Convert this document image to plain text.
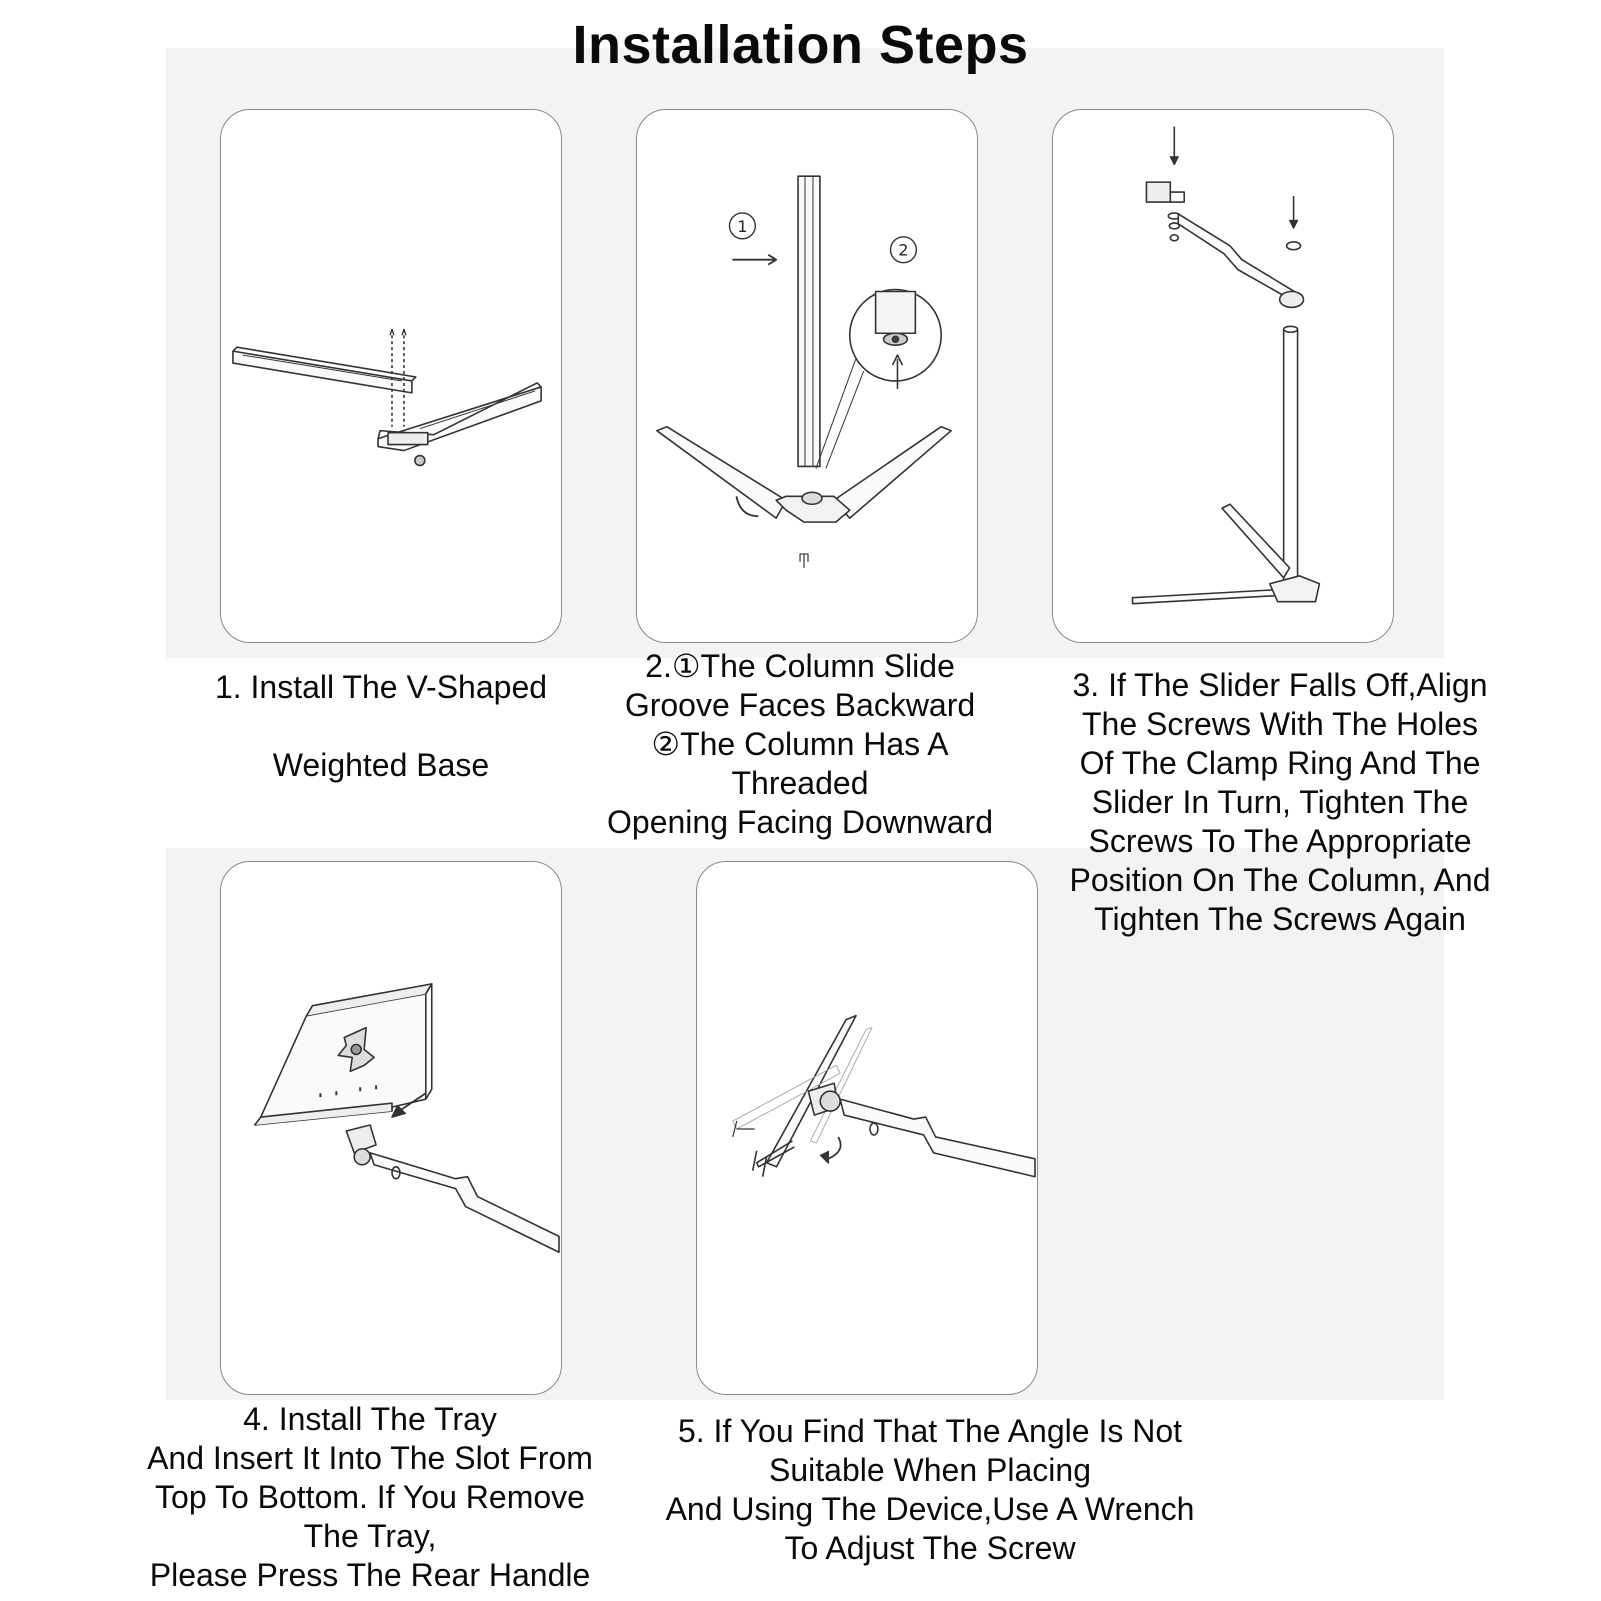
Installation Steps
1
2
1. Install The V-Shaped
Weighted Base
2.①The Column Slide
Groove Faces Backward
②The Column Has A
Threaded
Opening Facing Downward
3. If The Slider Falls Off,Align
The Screws With The Holes
Of The Clamp Ring And The
Slider In Turn, Tighten The
Screws To The Appropriate
Position On The Column, And
Tighten The Screws Again
4. Install The Tray
And Insert It Into The Slot From
Top To Bottom. If You Remove
The Tray,
Please Press The Rear Handle
5. If You Find That The Angle Is Not
Suitable When Placing
And Using The Device,Use A Wrench
To Adjust The Screw
